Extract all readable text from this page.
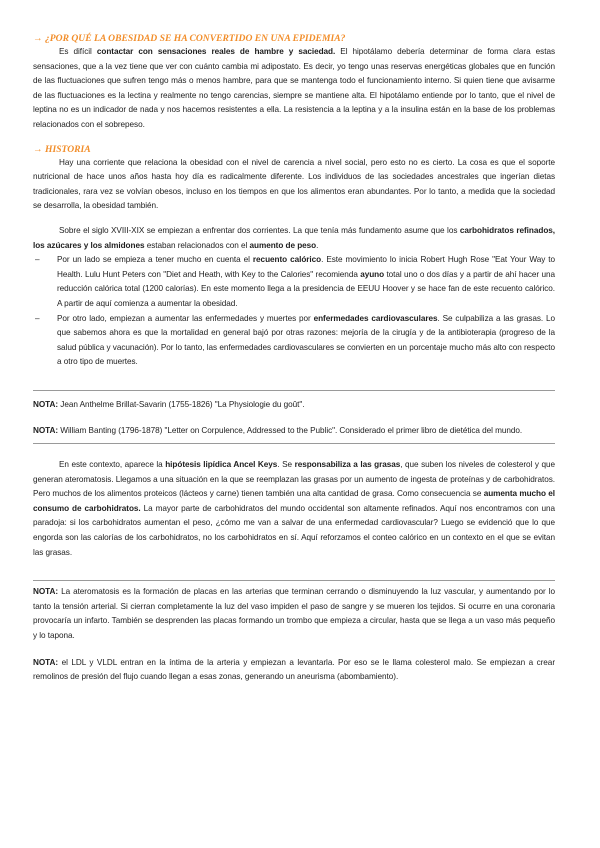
→ ¿POR QUÉ LA OBESIDAD SE HA CONVERTIDO EN UNA EPIDEMIA?

Es difícil contactar con sensaciones reales de hambre y saciedad. El hipotálamo debería determinar de forma clara estas sensaciones, que a la vez tiene que ver con cuánto cambia mi adipostato. Es decir, yo tengo unas reservas energéticas globales que en función de las fluctuaciones que sufren tengo más o menos hambre, para que se mantenga todo el funcionamiento interno. Si quien tiene que avisarme de las fluctuaciones es la lectina y realmente no tengo carencias, siempre se mantiene alta. El hipotálamo entiende por lo tanto, que el nivel de leptina no es un indicador de nada y nos hacemos resistentes a ella. La resistencia a la leptina y a la insulina están en la base de los problemas relacionados con el sobrepeso.

→ HISTORIA

Hay una corriente que relaciona la obesidad con el nivel de carencia a nivel social, pero esto no es cierto. La cosa es que el soporte nutricional de hace unos años hasta hoy día es radicalmente diferente. Los individuos de las sociedades ancestrales que ingerían dietas tradicionales, rara vez se volvían obesos, incluso en los tiempos en que los alimentos eran abundantes. Por lo tanto, a medida que la sociedad se desarrolla, la obesidad también.

Sobre el siglo XVIII-XIX se empiezan a enfrentar dos corrientes. La que tenía más fundamento asume que los carbohidratos refinados, los azúcares y los almidones estaban relacionados con el aumento de peso.

– Por un lado se empieza a tener mucho en cuenta el recuento calórico. Este movimiento lo inicia Robert Hugh Rose "Eat Your Way to Health. Lulu Hunt Peters con "Diet and Heath, with Key to the Calories" recomienda ayuno total uno o dos días y a partir de ahí hacer una reducción calórica total (1200 calorías). En este momento llega a la presidencia de EEUU Hoover y se hace fan de este recuento calórico. A partir de aquí comienza a aumentar la obesidad.

– Por otro lado, empiezan a aumentar las enfermedades y muertes por enfermedades cardiovasculares. Se culpabiliza a las grasas. Lo que sabemos ahora es que la mortalidad en general bajó por otras razones: mejoría de la cirugía y de la antibioterapia (progreso de la salud pública y vacunación). Por lo tanto, las enfermedades cardiovasculares se convierten en un porcentaje mucho más alto con respecto a otro tipo de muertes.

NOTA: Jean Anthelme Brillat-Savarin (1755-1826) "La Physiologie du goût".

NOTA: William Banting (1796-1878) "Letter on Corpulence, Addressed to the Public". Considerado el primer libro de dietética del mundo.

En este contexto, aparece la hipótesis lipídica Ancel Keys. Se responsabiliza a las grasas, que suben los niveles de colesterol y que generan ateromatosis. Llegamos a una situación en la que se reemplazan las grasas por un aumento de ingesta de proteínas y de carbohidratos. Pero muchos de los alimentos proteicos (lácteos y carne) tienen también una alta cantidad de grasa. Como consecuencia se aumenta mucho el consumo de carbohidratos. La mayor parte de carbohidratos del mundo occidental son altamente refinados. Aquí nos encontramos con una paradoja: si los carbohidratos aumentan el peso, ¿cómo me van a salvar de una enfermedad cardiovascular? Luego se evidenció que lo que engorda son las calorías de los carbohidratos, no los carbohidratos en sí. Aquí reforzamos el conteo calórico en un contexto en el que se evitan las grasas.

NOTA: La ateromatosis es la formación de placas en las arterias que terminan cerrando o disminuyendo la luz vascular, y aumentando por lo tanto la tensión arterial. Si cierran completamente la luz del vaso impiden el paso de sangre y se mueren los tejidos. Si ocurre en una coronaria provocaría un infarto. También se desprenden las placas formando un trombo que empieza a circular, hasta que se llega a un vaso más pequeño y lo tapona.

NOTA: el LDL y VLDL entran en la íntima de la arteria y empiezan a levantarla. Por eso se le llama colesterol malo. Se empiezan a crear remolinos de presión del flujo cuando llegan a esas zonas, generando un aneurisma (abombamiento).
